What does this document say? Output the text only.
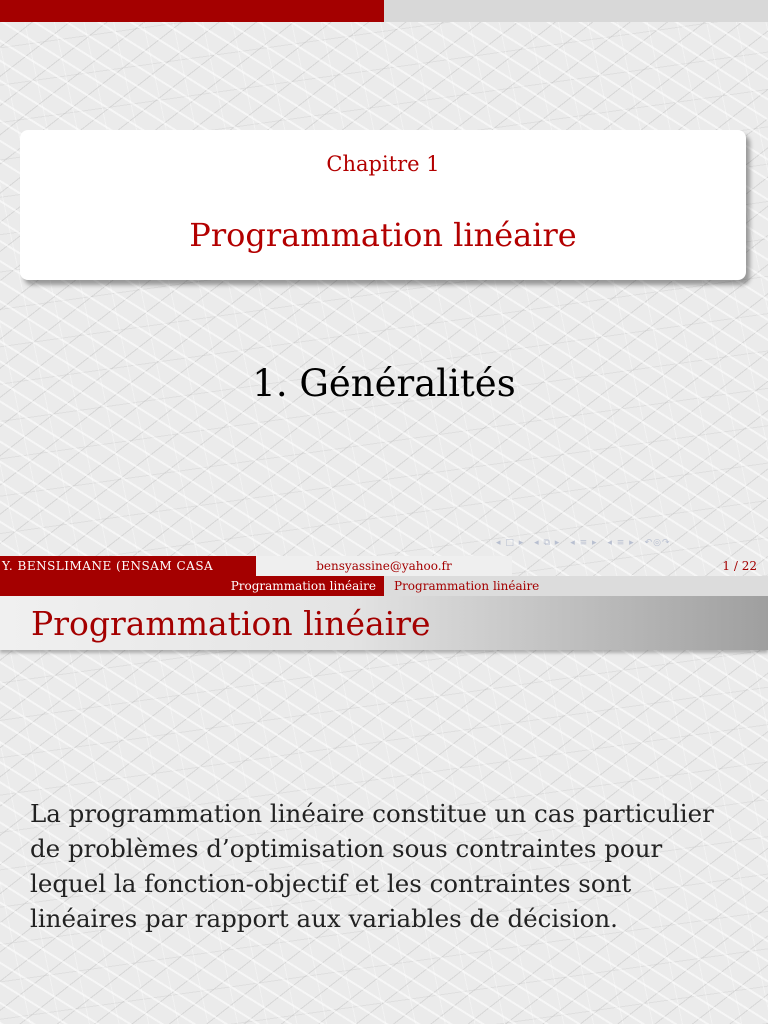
Chapitre 1
Programmation linéaire
1. Généralités
◂ □ ▸ ◂ ⧉ ▸ ◂ ≡ ▸ ◂ ≡ ▸ ↶◎↷
Y. BENSLIMANE (ENSAM CASA	bensyassine@yahoo.fr	1 / 22
Programmation linéaire

La programmation linéaire constitue un cas particulier

de problèmes d’optimisation sous contraintes pour

lequel la fonction-objectif et les contraintes sont

linéaires par rapport aux variables de décision.

Programmation linéaire	Programmation linéaire
